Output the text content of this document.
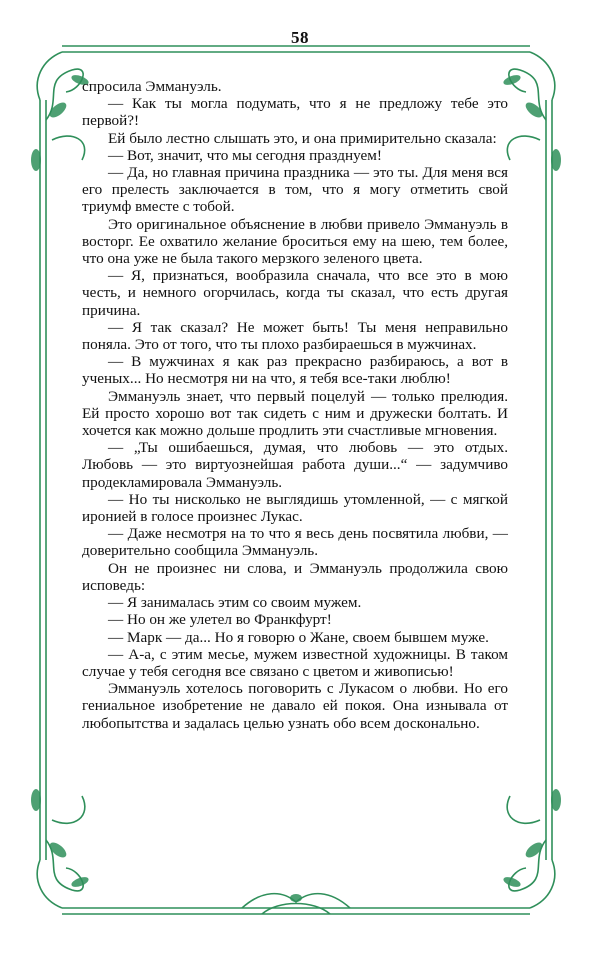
58

спросила Эммануэль.

— Как ты могла подумать, что я не предложу тебе это первой?!

Ей было лестно слышать это, и она примирительно сказала:

— Вот, значит, что мы сегодня празднуем!

— Да, но главная причина праздника — это ты. Для меня вся его прелесть заключается в том, что я могу отметить свой триумф вместе с тобой.

Это оригинальное объяснение в любви привело Эммануэль в восторг. Ее охватило желание броситься ему на шею, тем более, что она уже не была такого мерзкого зеленого цвета.

— Я, признаться, вообразила сначала, что все это в мою честь, и немного огорчилась, когда ты сказал, что есть другая причина.

— Я так сказал? Не может быть! Ты меня неправильно поняла. Это от того, что ты плохо разбираешься в мужчинах.

— В мужчинах я как раз прекрасно разбираюсь, а вот в ученых... Но несмотря ни на что, я тебя все-таки люблю!

Эммануэль знает, что первый поцелуй — только прелюдия. Ей просто хорошо вот так сидеть с ним и дружески болтать. И хочется как можно дольше продлить эти счастливые мгновения.

— „Ты ошибаешься, думая, что любовь — это отдых. Любовь — это виртуознейшая работа души...“ — задумчиво продекламировала Эммануэль.

— Но ты нисколько не выглядишь утомленной, — с мягкой иронией в голосе произнес Лукас.

— Даже несмотря на то что я весь день посвятила любви, — доверительно сообщила Эммануэль.

Он не произнес ни слова, и Эммануэль продолжила свою исповедь:

— Я занималась этим со своим мужем.

— Но он же улетел во Франкфурт!

— Марк — да... Но я говорю о Жане, своем бывшем муже.

— А-а, с этим месье, мужем известной художницы. В таком случае у тебя сегодня все связано с цветом и живописью!

Эммануэль хотелось поговорить с Лукасом о любви. Но его гениальное изобретение не давало ей покоя. Она изнывала от любопытства и задалась целью узнать обо всем досконально.
